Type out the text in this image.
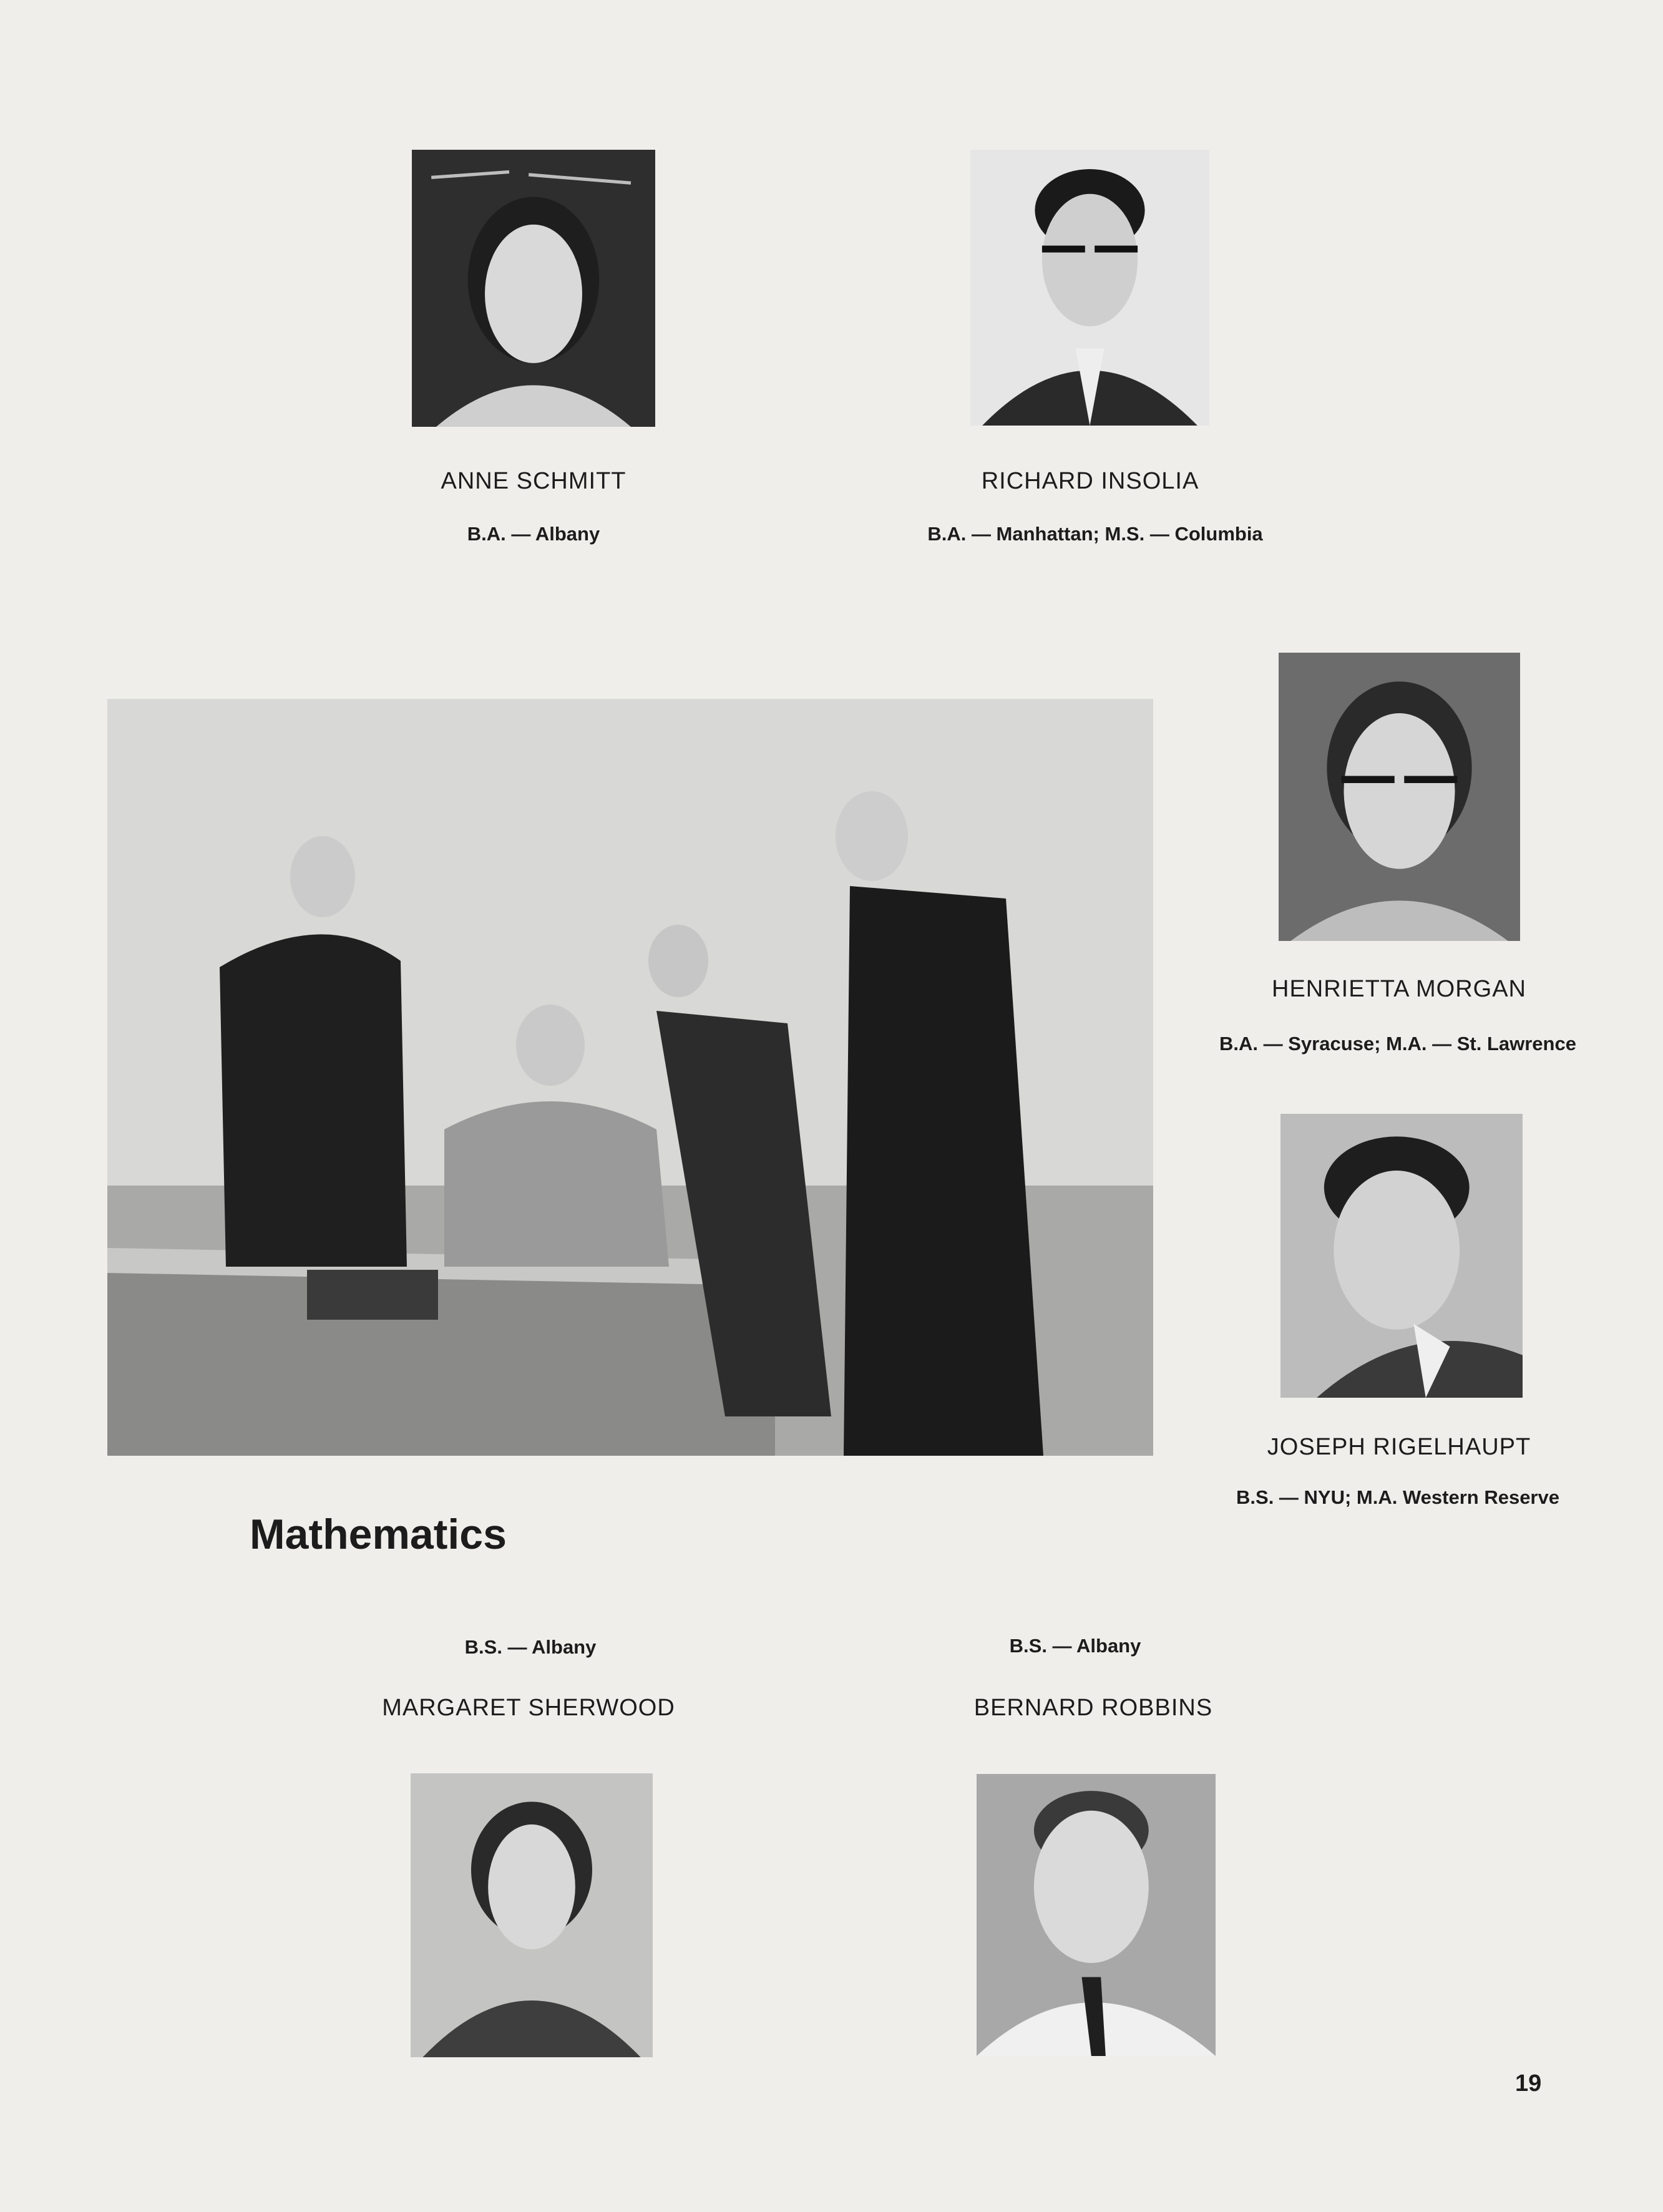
ANNE SCHMITT
B.A. — Albany
RICHARD INSOLIA
B.A. — Manhattan; M.S. — Columbia
HENRIETTA MORGAN
B.A. — Syracuse; M.A. — St. Lawrence
JOSEPH RIGELHAUPT
B.S. — NYU; M.A. Western Reserve
Mathematics
B.S. — Albany
MARGARET SHERWOOD
B.S. — Albany
BERNARD ROBBINS
19
